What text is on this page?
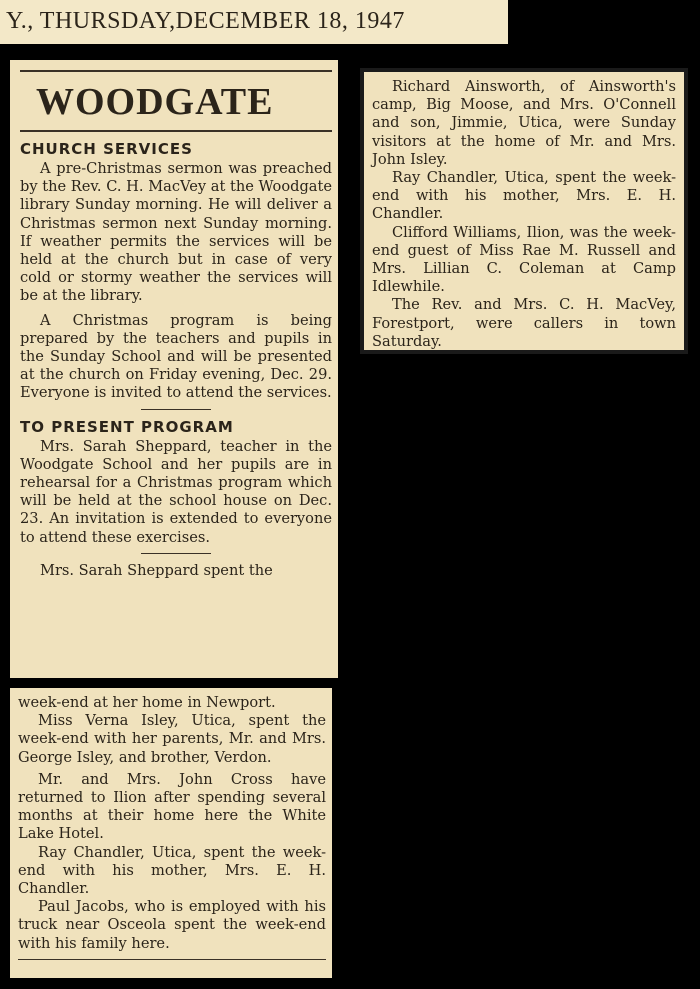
Y., THURSDAY,DECEMBER 18, 1947
WOODGATE
CHURCH SERVICES

A pre-Christmas sermon was preached by the Rev. C. H. MacVey at the Woodgate library Sunday morning. He will deliver a Christmas sermon next Sunday morning. If weather permits the services will be held at the church but in case of very cold or stormy weather the services will be at the library.

A Christmas program is being prepared by the teachers and pupils in the Sunday School and will be presented at the church on Friday evening, Dec. 29. Everyone is invited to attend the services.

TO PRESENT PROGRAM

Mrs. Sarah Sheppard, teacher in the Woodgate School and her pupils are in rehearsal for a Christmas program which will be held at the school house on Dec. 23. An invitation is extended to everyone to attend these exercises.

Mrs. Sarah Sheppard spent the

Richard Ainsworth, of Ainsworth's camp, Big Moose, and Mrs. O'Connell and son, Jimmie, Utica, were Sunday visitors at the home of Mr. and Mrs. John Isley.

Ray Chandler, Utica, spent the week-end with his mother, Mrs. E. H. Chandler.

Clifford Williams, Ilion, was the week-end guest of Miss Rae M. Russell and Mrs. Lillian C. Coleman at Camp Idlewhile.

The Rev. and Mrs. C. H. MacVey, Forestport, were callers in town Saturday.

week-end at her home in Newport.

Miss Verna Isley, Utica, spent the week-end with her parents, Mr. and Mrs. George Isley, and brother, Verdon.

Mr. and Mrs. John Cross have returned to Ilion after spending several months at their home here the White Lake Hotel.

Ray Chandler, Utica, spent the week-end with his mother, Mrs. E. H. Chandler.

Paul Jacobs, who is employed with his truck near Osceola spent the week-end with his family here.
